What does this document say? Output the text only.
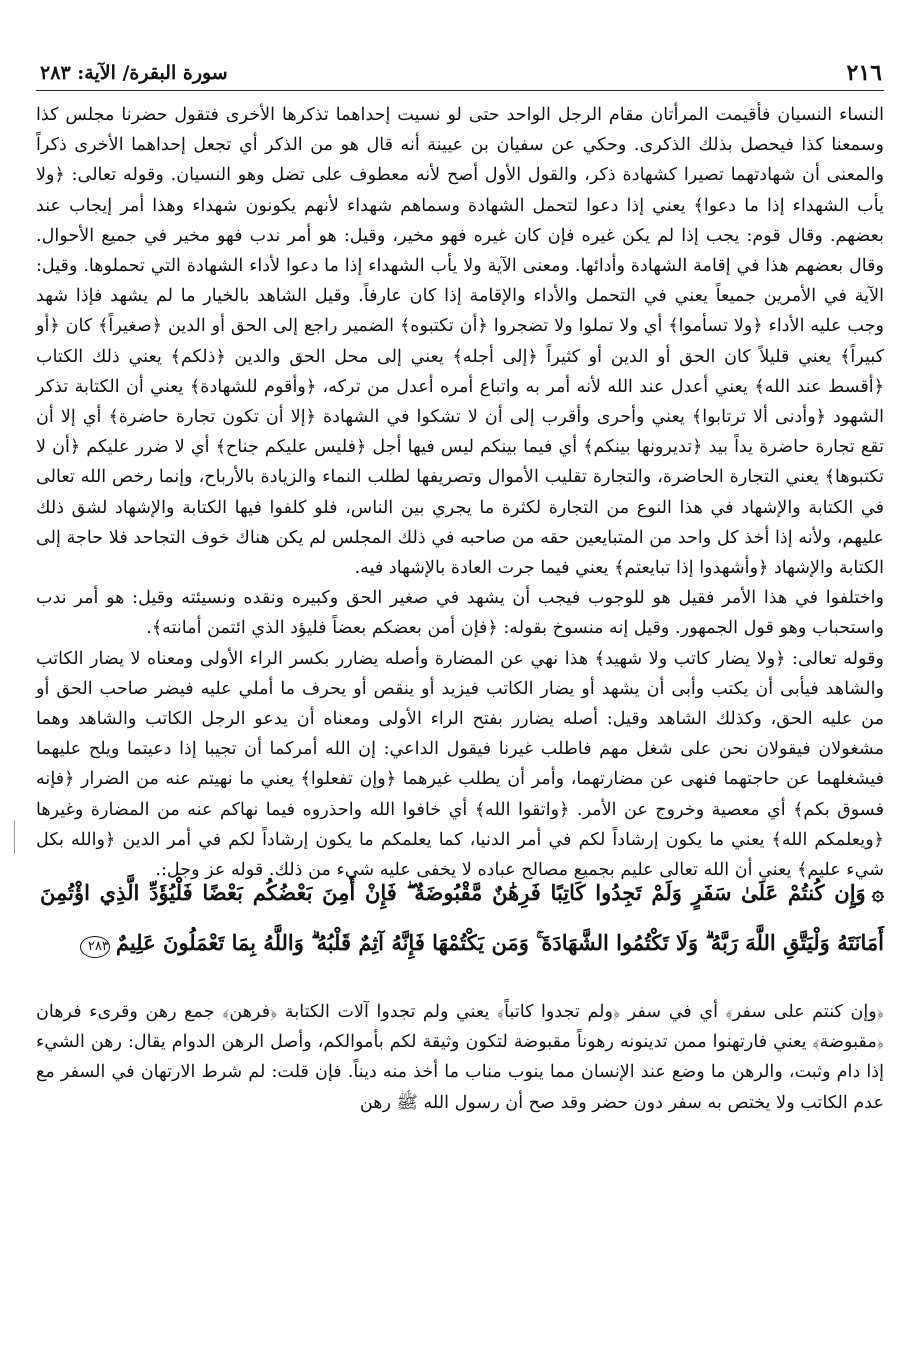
٢١٦
سورة البقرة/ الآية: ٢٨٣

النساء النسيان فأقيمت المرأتان مقام الرجل الواحد حتى لو نسيت إحداهما تذكرها الأخرى فتقول حضرنا مجلس كذا وسمعنا كذا فيحصل بذلك الذكرى. وحكي عن سفيان بن عيينة أنه قال هو من الذكر أي تجعل إحداهما الأخرى ذكراً والمعنى أن شهادتهما تصيرا كشهادة ذكر، والقول الأول أصح لأنه معطوف على تضل وهو النسيان. وقوله تعالى: ﴿ولا يأب الشهداء إذا ما دعوا﴾ يعني إذا دعوا لتحمل الشهادة وسماهم شهداء لأنهم يكونون شهداء وهذا أمر إيجاب عند بعضهم. وقال قوم: يجب إذا لم يكن غيره فإن كان غيره فهو مخير، وقيل: هو أمر ندب فهو مخير في جميع الأحوال. وقال بعضهم هذا في إقامة الشهادة وأدائها. ومعنى الآية ولا يأب الشهداء إذا ما دعوا لأداء الشهادة التي تحملوها. وقيل: الآية في الأمرين جميعاً يعني في التحمل والأداء والإقامة إذا كان عارفاً. وقيل الشاهد بالخيار ما لم يشهد فإذا شهد وجب عليه الأداء ﴿ولا تسأموا﴾ أي ولا تملوا ولا تضجروا ﴿أن تكتبوه﴾ الضمير راجع إلى الحق أو الدين ﴿صغيراً﴾ كان ﴿أو كبيراً﴾ يعني قليلاً كان الحق أو الدين أو كثيراً ﴿إلى أجله﴾ يعني إلى محل الحق والدين ﴿ذلكم﴾ يعني ذلك الكتاب ﴿أقسط عند الله﴾ يعني أعدل عند الله لأنه أمر به واتباع أمره أعدل من تركه، ﴿وأقوم للشهادة﴾ يعني أن الكتابة تذكر الشهود ﴿وأدنى ألا ترتابوا﴾ يعني وأحرى وأقرب إلى أن لا تشكوا في الشهادة ﴿إلا أن تكون تجارة حاضرة﴾ أي إلا أن تقع تجارة حاضرة يداً بيد ﴿تديرونها بينكم﴾ أي فيما بينكم ليس فيها أجل ﴿فليس عليكم جناح﴾ أي لا ضرر عليكم ﴿أن لا تكتبوها﴾ يعني التجارة الحاضرة، والتجارة تقليب الأموال وتصريفها لطلب النماء والزيادة بالأرباح، وإنما رخص الله تعالى في الكتابة والإشهاد في هذا النوع من التجارة لكثرة ما يجري بين الناس، فلو كلفوا فيها الكتابة والإشهاد لشق ذلك عليهم، ولأنه إذا أخذ كل واحد من المتبايعين حقه من صاحبه في ذلك المجلس لم يكن هناك خوف التجاحد فلا حاجة إلى الكتابة والإشهاد ﴿وأشهدوا إذا تبايعتم﴾ يعني فيما جرت العادة بالإشهاد فيه.

واختلفوا في هذا الأمر فقيل هو للوجوب فيجب أن يشهد في صغير الحق وكبيره ونقده ونسيئته وقيل: هو أمر ندب واستحباب وهو قول الجمهور. وقيل إنه منسوخ بقوله: ﴿فإن أمن بعضكم بعضاً فليؤد الذي ائتمن أمانته﴾.

وقوله تعالى: ﴿ولا يضار كاتب ولا شهيد﴾ هذا نهي عن المضارة وأصله يضارر بكسر الراء الأولى ومعناه لا يضار الكاتب والشاهد فيأبى أن يكتب وأبى أن يشهد أو يضار الكاتب فيزيد أو ينقص أو يحرف ما أملي عليه فيضر صاحب الحق أو من عليه الحق، وكذلك الشاهد وقيل: أصله يضارر بفتح الراء الأولى ومعناه أن يدعو الرجل الكاتب والشاهد وهما مشغولان فيقولان نحن على شغل مهم فاطلب غيرنا فيقول الداعي: إن الله أمركما أن تجيبا إذا دعيتما ويلح عليهما فيشغلهما عن حاجتهما فنهى عن مضارتهما، وأمر أن يطلب غيرهما ﴿وإن تفعلوا﴾ يعني ما نهيتم عنه من الضرار ﴿فإنه فسوق بكم﴾ أي معصية وخروج عن الأمر. ﴿واتقوا الله﴾ أي خافوا الله واحذروه فيما نهاكم عنه من المضارة وغيرها ﴿ويعلمكم الله﴾ يعني ما يكون إرشاداً لكم في أمر الدنيا، كما يعلمكم ما يكون إرشاداً لكم في أمر الدين ﴿والله بكل شيء عليم﴾ يعني أن الله تعالى عليم بجميع مصالح عباده لا يخفى عليه شيء من ذلك. قوله عز وجل:.

۞وَإِن كُنتُمْ عَلَىٰ سَفَرٍ وَلَمْ تَجِدُوا كَاتِبًا فَرِهَٰنٌ مَّقْبُوضَةٌ ۖ فَإِنْ أَمِنَ بَعْضُكُم بَعْضًا فَلْيُؤَدِّ الَّذِي اؤْتُمِنَ أَمَانَتَهُ وَلْيَتَّقِ اللَّهَ رَبَّهُ ۗ وَلَا تَكْتُمُوا الشَّهَادَةَ ۚ وَمَن يَكْتُمْهَا فَإِنَّهُ آثِمٌ قَلْبُهُ ۗ وَاللَّهُ بِمَا تَعْمَلُونَ عَلِيمٌ٢٨٣

﴿وإن كنتم على سفر﴾ أي في سفر ﴿ولم تجدوا كاتباً﴾ يعني ولم تجدوا آلات الكتابة ﴿فرهن﴾ جمع رهن وقرىء فرهان ﴿مقبوضة﴾ يعني فارتهنوا ممن تدينونه رهوناً مقبوضة لتكون وثيقة لكم بأموالكم، وأصل الرهن الدوام يقال: رهن الشيء إذا دام وثبت، والرهن ما وضع عند الإنسان مما ينوب مناب ما أخذ منه ديناً. فإن قلت: لم شرط الارتهان في السفر مع عدم الكاتب ولا يختص به سفر دون حضر وقد صح أن رسول الله ﷺ رهن
